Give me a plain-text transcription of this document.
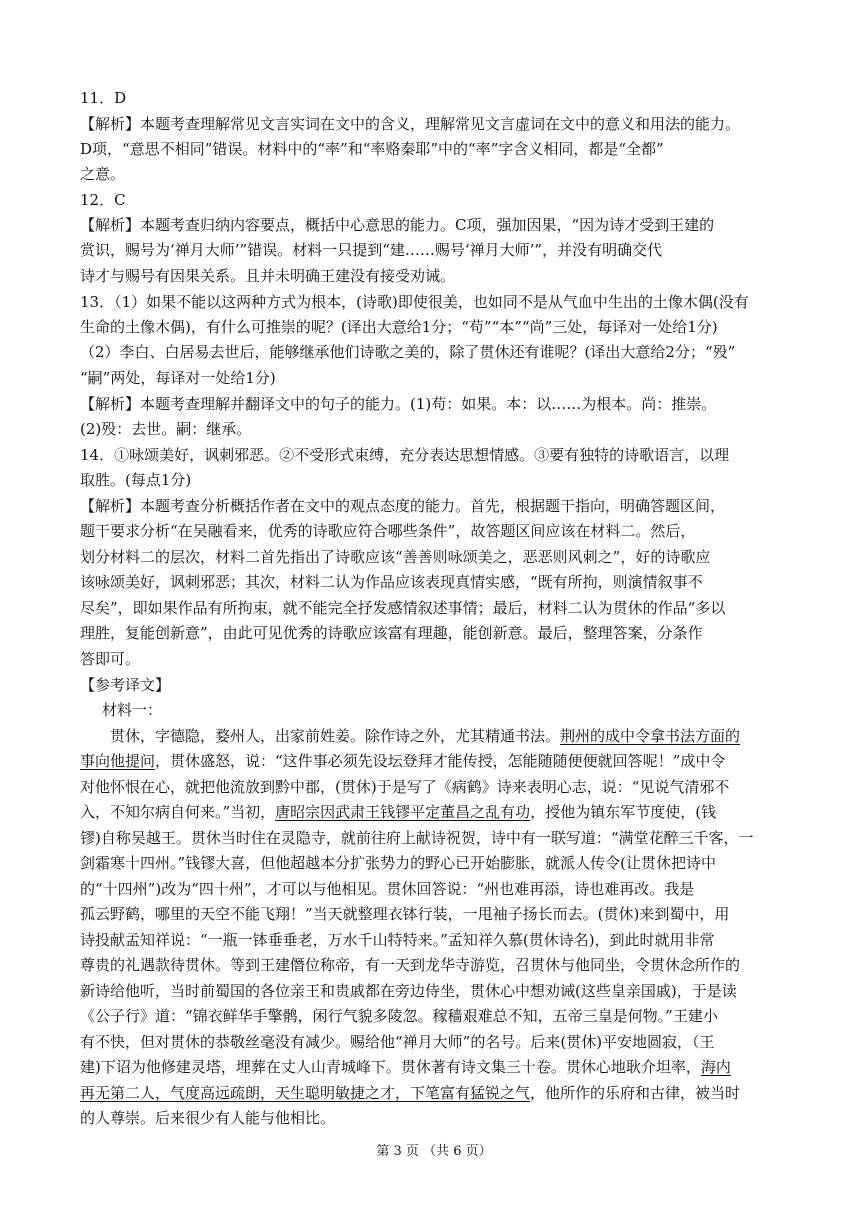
11．D
【解析】本题考查理解常见文言实词在文中的含义，理解常见文言虚词在文中的意义和用法的能力。
D项，“意思不相同”错误。材料中的“率”和“率赂秦耶”中的“率”字含义相同，都是“全都”
之意。
12．C
【解析】本题考查归纳内容要点，概括中心意思的能力。C项，强加因果，“因为诗才受到王建的
赏识，赐号为‘禅月大师’”错误。材料一只提到“建……赐号‘禅月大师’”，并没有明确交代
诗才与赐号有因果关系。且并未明确王建没有接受劝诫。
13．（1）如果不能以这两种方式为根本，(诗歌)即使很美，也如同不是从气血中生出的土像木偶(没有
生命的土像木偶)，有什么可推崇的呢？(译出大意给1分；“苟”“本”“尚”三处，每译对一处给1分)
（2）李白、白居易去世后，能够继承他们诗歌之美的，除了贯休还有谁呢？(译出大意给2分；“殁”
“嗣”两处，每译对一处给1分)
【解析】本题考查理解并翻译文中的句子的能力。(1)苟：如果。本：以……为根本。尚：推崇。
(2)殁：去世。嗣：继承。
14．①咏颂美好，讽刺邪恶。②不受形式束缚，充分表达思想情感。③要有独特的诗歌语言，以理
取胜。(每点1分)
【解析】本题考查分析概括作者在文中的观点态度的能力。首先，根据题干指向，明确答题区间，
题干要求分析“在吴融看来，优秀的诗歌应符合哪些条件”，故答题区间应该在材料二。然后，
划分材料二的层次，材料二首先指出了诗歌应该“善善则咏颂美之，恶恶则风刺之”，好的诗歌应
该咏颂美好，讽刺邪恶；其次，材料二认为作品应该表现真情实感，“既有所拘，则演情叙事不
尽矣”，即如果作品有所拘束，就不能完全抒发感情叙述事情；最后，材料二认为贯休的作品“多以
理胜，复能创新意”，由此可见优秀的诗歌应该富有理趣，能创新意。最后，整理答案，分条作
答即可。
【参考译文】
材料一：
贯休，字德隐，婺州人，出家前姓姜。除作诗之外，尤其精通书法。荆州的成中令拿书法方面的
事向他提问，贯休盛怒，说：“这件事必须先设坛登拜才能传授，怎能随随便便就回答呢！”成中令
对他怀恨在心，就把他流放到黔中郡，(贯休)于是写了《病鹤》诗来表明心志，说：“见说气清邪不
入，不知尔病自何来。”当初，唐昭宗因武肃王钱镠平定董昌之乱有功，授他为镇东军节度使，(钱
镠)自称吴越王。贯休当时住在灵隐寺，就前往府上献诗祝贺，诗中有一联写道：“满堂花醉三千客，一
剑霜寒十四州。”钱镠大喜，但他超越本分扩张势力的野心已开始膨胀，就派人传令(让贯休把诗中
的“十四州”)改为“四十州”，才可以与他相见。贯休回答说：“州也难再添，诗也难再改。我是
孤云野鹤，哪里的天空不能飞翔！”当天就整理衣钵行装，一甩袖子扬长而去。(贯休)来到蜀中，用
诗投献孟知祥说：“一瓶一钵垂垂老，万水千山特特来。”孟知祥久慕(贯休诗名)，到此时就用非常
尊贵的礼遇款待贯休。等到王建僭位称帝，有一天到龙华寺游览，召贯休与他同坐，令贯休念所作的
新诗给他听，当时前蜀国的各位亲王和贵戚都在旁边侍坐，贯休心中想劝诫(这些皇亲国戚)，于是读
《公子行》道：“锦衣鲜华手擎鹘，闲行气貌多陵忽。稼穑艰难总不知，五帝三皇是何物。”王建小
有不快，但对贯休的恭敬丝毫没有减少。赐给他“禅月大师”的名号。后来(贯休)平安地圆寂，（王
建)下诏为他修建灵塔，埋葬在丈人山青城峰下。贯休著有诗文集三十卷。贯休心地耿介坦率，海内
再无第二人，气度高远疏朗，天生聪明敏捷之才，下笔富有猛锐之气，他所作的乐府和古律，被当时
的人尊崇。后来很少有人能与他相比。
第 3 页 （共 6 页）
